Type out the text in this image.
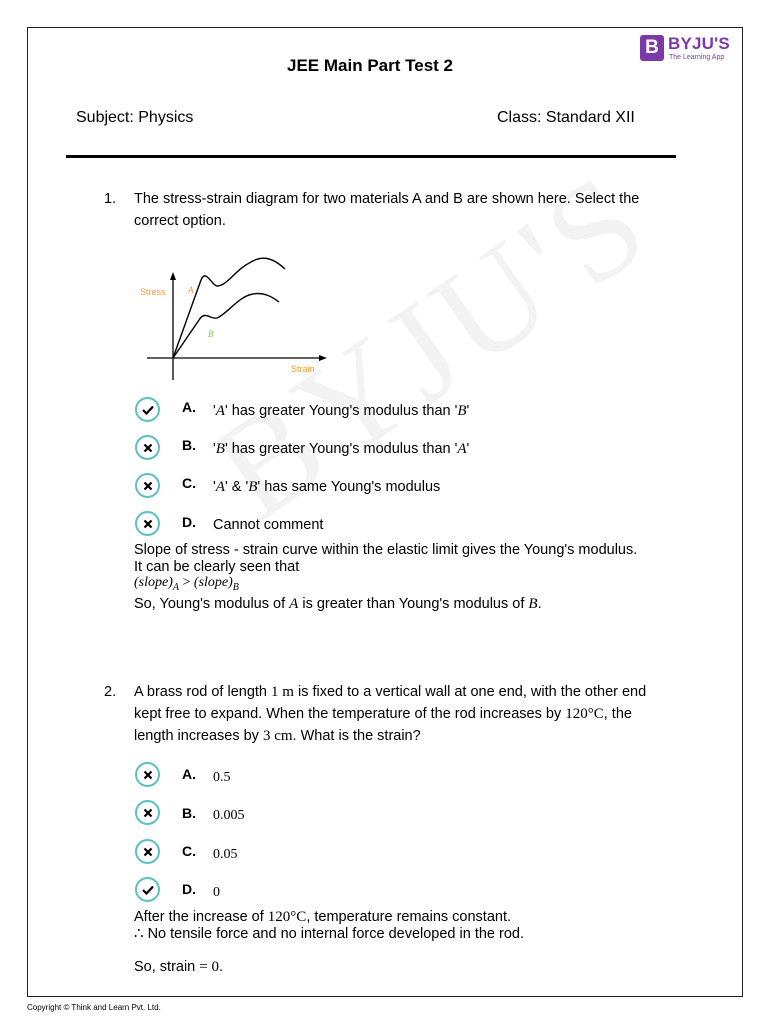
B BYJU'S
The Learning App
JEE Main Part Test 2
Subject: Physics	Class: Standard XII
1. The stress-strain diagram for two materials A and B are shown here. Select the correct option.
Stress
Strain
A
B
A. 'A' has greater Young's modulus than 'B'
B. 'B' has greater Young's modulus than 'A'
C. 'A' & 'B' has same Young's modulus
D. Cannot comment
Slope of stress - strain curve within the elastic limit gives the Young's modulus.
It can be clearly seen that
$(slope)_A$ > $(slope)_B$
So, Young's modulus of A is greater than Young's modulus of B.
2. A brass rod of length 1 m is fixed to a vertical wall at one end, with the other end kept free to expand. When the temperature of the rod increases by 120°C, the length increases by 3 cm. What is the strain?
A. 0.5
B. 0.005
C. 0.05
D. 0
After the increase of 120°C, temperature remains constant.
∴ No tensile force and no internal force developed in the rod.
So, strain = 0.
Copyright © Think and Learn Pvt. Ltd.
